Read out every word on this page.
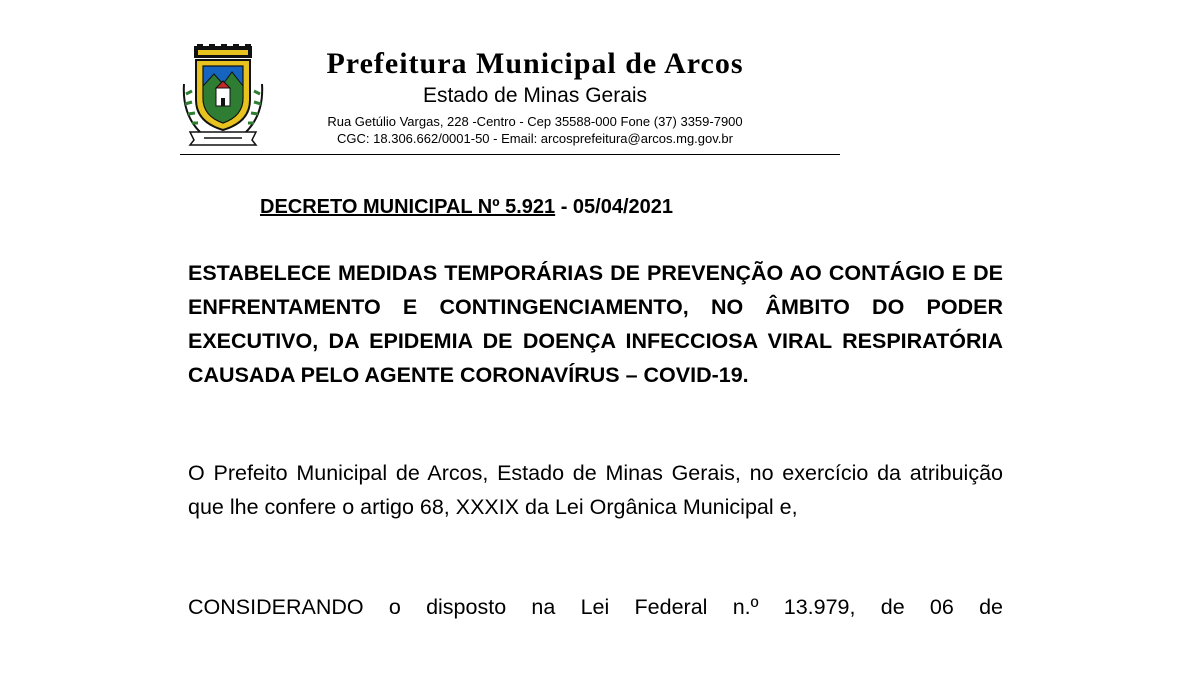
Prefeitura Municipal de Arcos

Estado de Minas Gerais

Rua Getúlio Vargas, 228 -Centro - Cep 35588-000 Fone (37) 3359-7900

CGC: 18.306.662/0001-50 - Email: arcosprefeitura@arcos.mg.gov.br

DECRETO MUNICIPAL Nº 5.921 - 05/04/2021

ESTABELECE MEDIDAS TEMPORÁRIAS DE PREVENÇÃO AO CONTÁGIO E DE ENFRENTAMENTO E CONTINGENCIAMENTO, NO ÂMBITO DO PODER EXECUTIVO, DA EPIDEMIA DE DOENÇA INFECCIOSA VIRAL RESPIRATÓRIA CAUSADA PELO AGENTE CORONAVÍRUS – COVID-19.

O Prefeito Municipal de Arcos, Estado de Minas Gerais, no exercício da atribuição que lhe confere o artigo 68, XXXIX da Lei Orgânica Municipal e,

CONSIDERANDO o disposto na Lei Federal n.º 13.979, de 06 de
